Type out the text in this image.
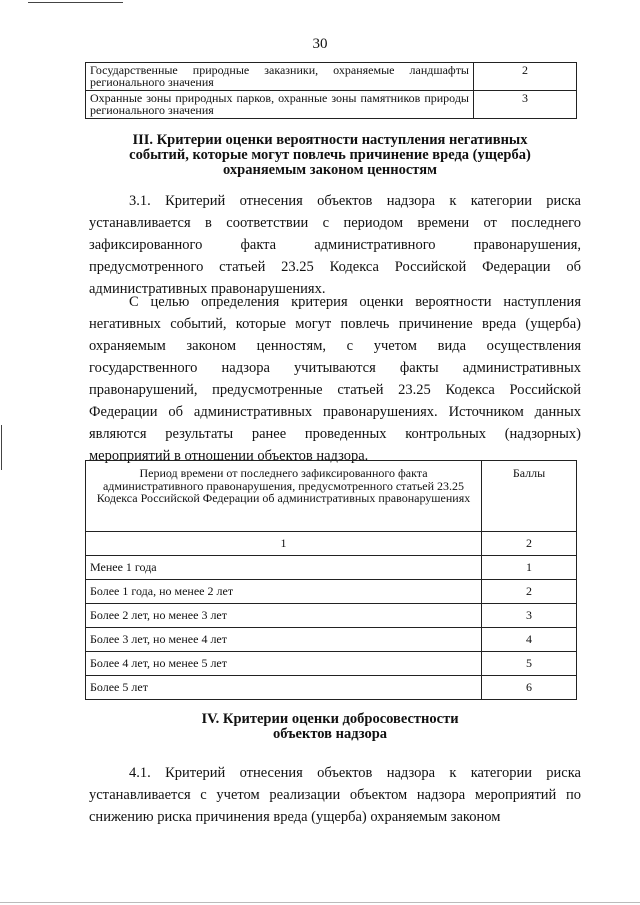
30
Государственные природные заказники, охраняемые ландшафты регионального значения	2
Охранные зоны природных парков, охранные зоны памятников природы регионального значения	3
III. Критерии оценки вероятности наступления негативных
событий, которые могут повлечь причинение вреда (ущерба)
охраняемым законом ценностям
3.1. Критерий отнесения объектов надзора к категории риска устанавливается в соответствии с периодом времени от последнего зафиксированного факта административного правонарушения, предусмотренного статьей 23.25 Кодекса Российской Федерации об административных правонарушениях.
С целью определения критерия оценки вероятности наступления негативных событий, которые могут повлечь причинение вреда (ущерба) охраняемым законом ценностям, с учетом вида осуществления государственного надзора учитываются факты административных правонарушений, предусмотренные статьей 23.25 Кодекса Российской Федерации об административных правонарушениях. Источником данных являются результаты ранее проведенных контрольных (надзорных) мероприятий в отношении объектов надзора.
Период времени от последнего зафиксированного факта административного правонарушения, предусмотренного статьей 23.25 Кодекса Российской Федерации об административных правонарушениях	Баллы
1	2
Менее 1 года	1
Более 1 года, но менее 2 лет	2
Более 2 лет, но менее 3 лет	3
Более 3 лет, но менее 4 лет	4
Более 4 лет, но менее 5 лет	5
Более 5 лет	6
IV. Критерии оценки добросовестности
объектов надзора
4.1. Критерий отнесения объектов надзора к категории риска устанавливается с учетом реализации объектом надзора мероприятий по снижению риска причинения вреда (ущерба) охраняемым законом
